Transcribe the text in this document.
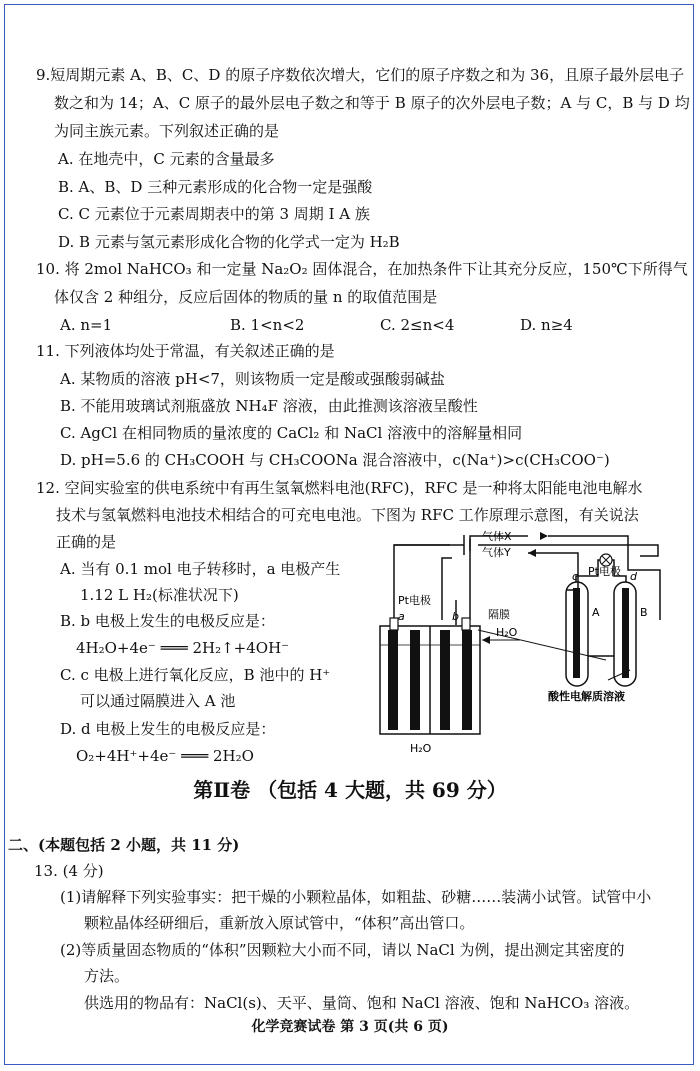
9.短周期元素 A、B、C、D 的原子序数依次增大，它们的原子序数之和为 36，且原子最外层电子
数之和为 14；A、C 原子的最外层电子数之和等于 B 原子的次外层电子数；A 与 C，B 与 D 均
为同主族元素。下列叙述正确的是
A. 在地壳中，C 元素的含量最多
B. A、B、D 三种元素形成的化合物一定是强酸
C. C 元素位于元素周期表中的第 3 周期 Ⅰ A 族
D. B 元素与氢元素形成化合物的化学式一定为 H₂B
10. 将 2mol NaHCO₃ 和一定量 Na₂O₂ 固体混合，在加热条件下让其充分反应，150℃下所得气
体仅含 2 种组分，反应后固体的物质的量 n 的取值范围是
A. n=1	B. 1<n<2	C. 2≤n<4	D. n≥4
11. 下列液体均处于常温，有关叙述正确的是
A. 某物质的溶液 pH<7，则该物质一定是酸或强酸弱碱盐
B. 不能用玻璃试剂瓶盛放 NH₄F 溶液，由此推测该溶液呈酸性
C. AgCl 在相同物质的量浓度的 CaCl₂ 和 NaCl 溶液中的溶解量相同
D. pH=5.6 的 CH₃COOH 与 CH₃COONa 混合溶液中，c(Na⁺)>c(CH₃COO⁻)
12. 空间实验室的供电系统中有再生氢氧燃料电池(RFC)，RFC 是一种将太阳能电池电解水
技术与氢氧燃料电池技术相结合的可充电电池。下图为 RFC 工作原理示意图，有关说法
正确的是
A. 当有 0.1 mol 电子转移时，a 电极产生
1.12 L H₂(标准状况下)
B. b 电极上发生的电极反应是：
4H₂O+4e⁻ ═══ 2H₂↑+4OH⁻
C. c 电极上进行氧化反应，B 池中的 H⁺
可以通过隔膜进入 A 池
D. d 电极上发生的电极反应是：
O₂+4H⁺+4e⁻ ═══ 2H₂O
气体X
气体Y
Pt电极
Pt电极
a	b
c	d
隔膜
H₂O
H₂O
A	B
酸性电解质溶液
第Ⅱ卷 （包括 4 大题，共 69 分）
二、(本题包括 2 小题，共 11 分)
13. (4 分)
(1)请解释下列实验事实：把干燥的小颗粒晶体，如粗盐、砂糖……装满小试管。试管中小
颗粒晶体经研细后，重新放入原试管中，“体积”高出管口。
(2)等质量固态物质的“体积”因颗粒大小而不同，请以 NaCl 为例，提出测定其密度的
方法。
供选用的物品有：NaCl(s)、天平、量筒、饱和 NaCl 溶液、饱和 NaHCO₃ 溶液。
化学竞赛试卷 第 3 页(共 6 页)
